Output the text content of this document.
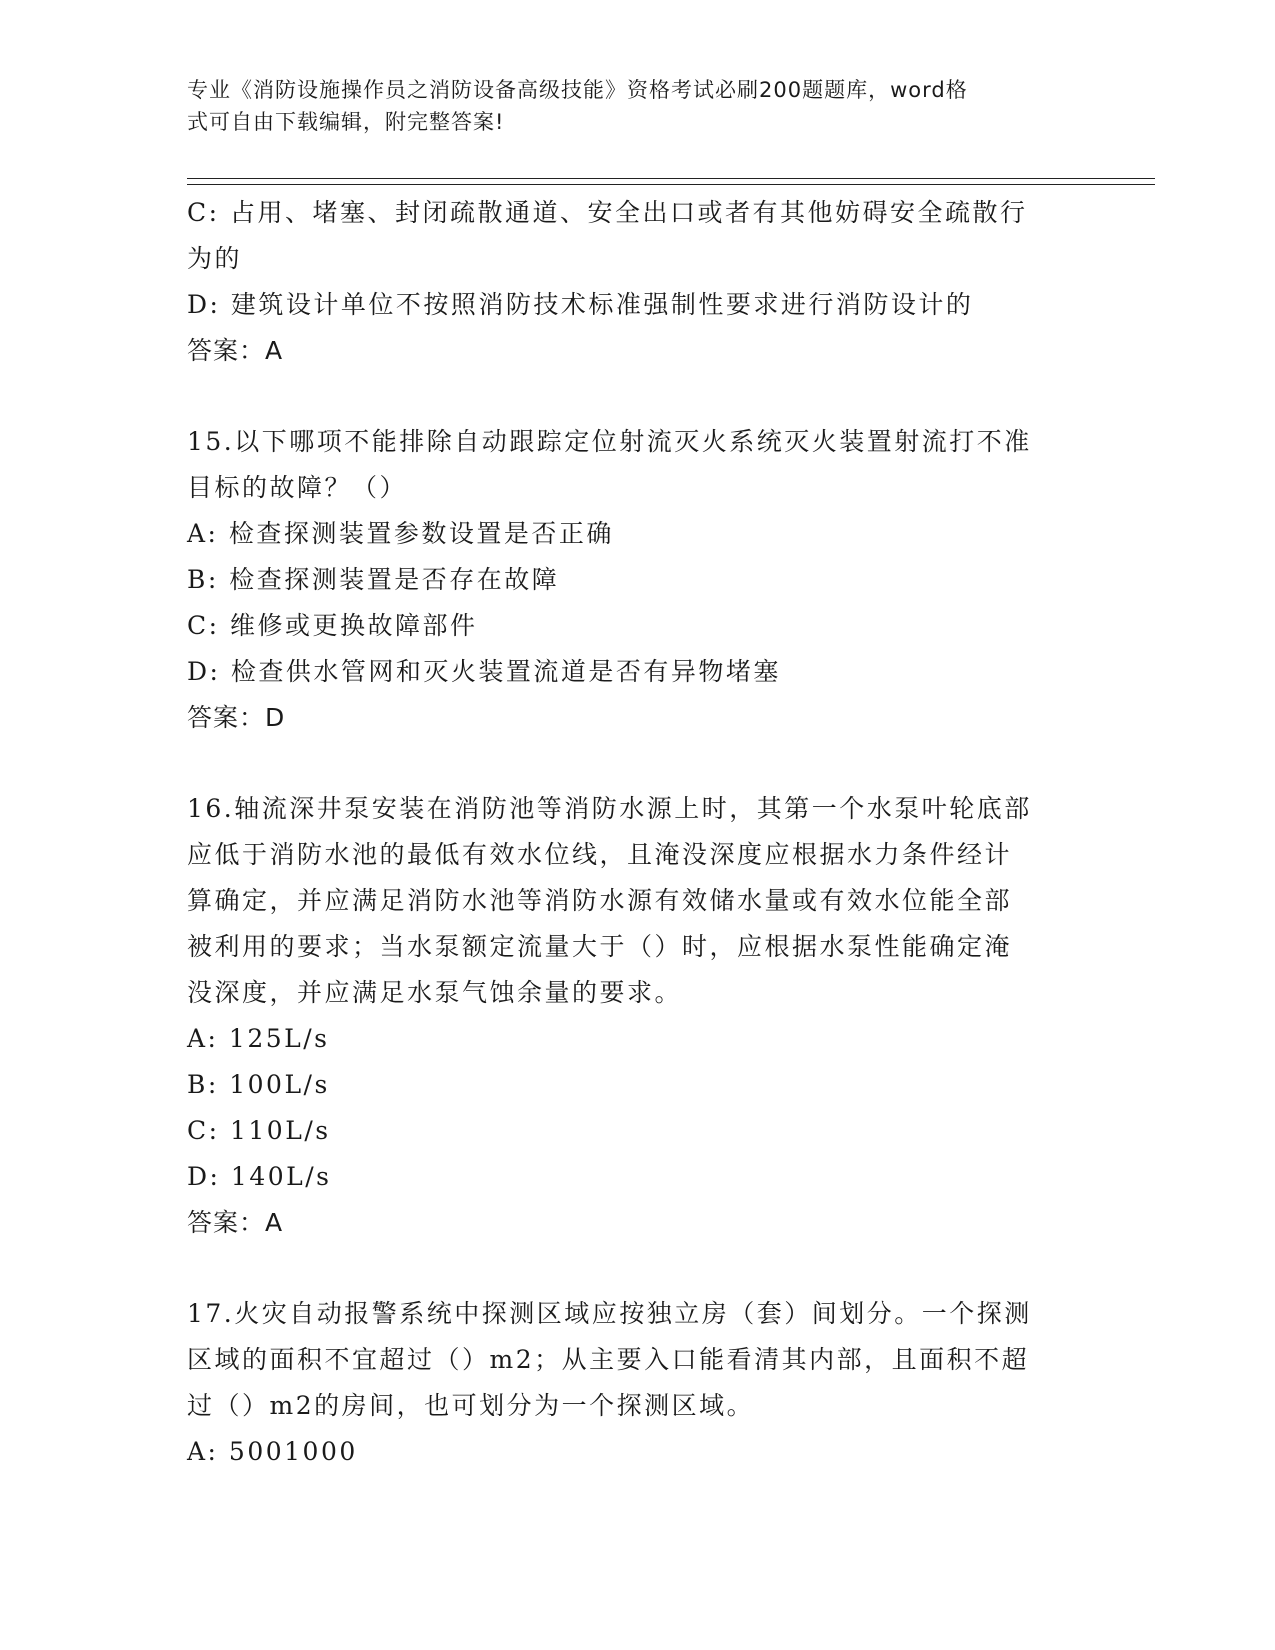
专业《消防设施操作员之消防设备高级技能》资格考试必刷200题题库，word格
式可自由下载编辑，附完整答案!
C: 占用、堵塞、封闭疏散通道、安全出口或者有其他妨碍安全疏散行
为的
D: 建筑设计单位不按照消防技术标准强制性要求进行消防设计的
答案：A
15.以下哪项不能排除自动跟踪定位射流灭火系统灭火装置射流打不准
目标的故障？（）
A: 检查探测装置参数设置是否正确
B: 检查探测装置是否存在故障
C: 维修或更换故障部件
D: 检查供水管网和灭火装置流道是否有异物堵塞
答案：D
16.轴流深井泵安装在消防池等消防水源上时，其第一个水泵叶轮底部
应低于消防水池的最低有效水位线，且淹没深度应根据水力条件经计
算确定，并应满足消防水池等消防水源有效储水量或有效水位能全部
被利用的要求；当水泵额定流量大于（）时，应根据水泵性能确定淹
没深度，并应满足水泵气蚀余量的要求。
A: 125L/s
B: 100L/s
C: 110L/s
D: 140L/s
答案：A
17.火灾自动报警系统中探测区域应按独立房（套）间划分。一个探测
区域的面积不宜超过（）m2；从主要入口能看清其内部，且面积不超
过（）m2的房间，也可划分为一个探测区域。
A: 5001000
